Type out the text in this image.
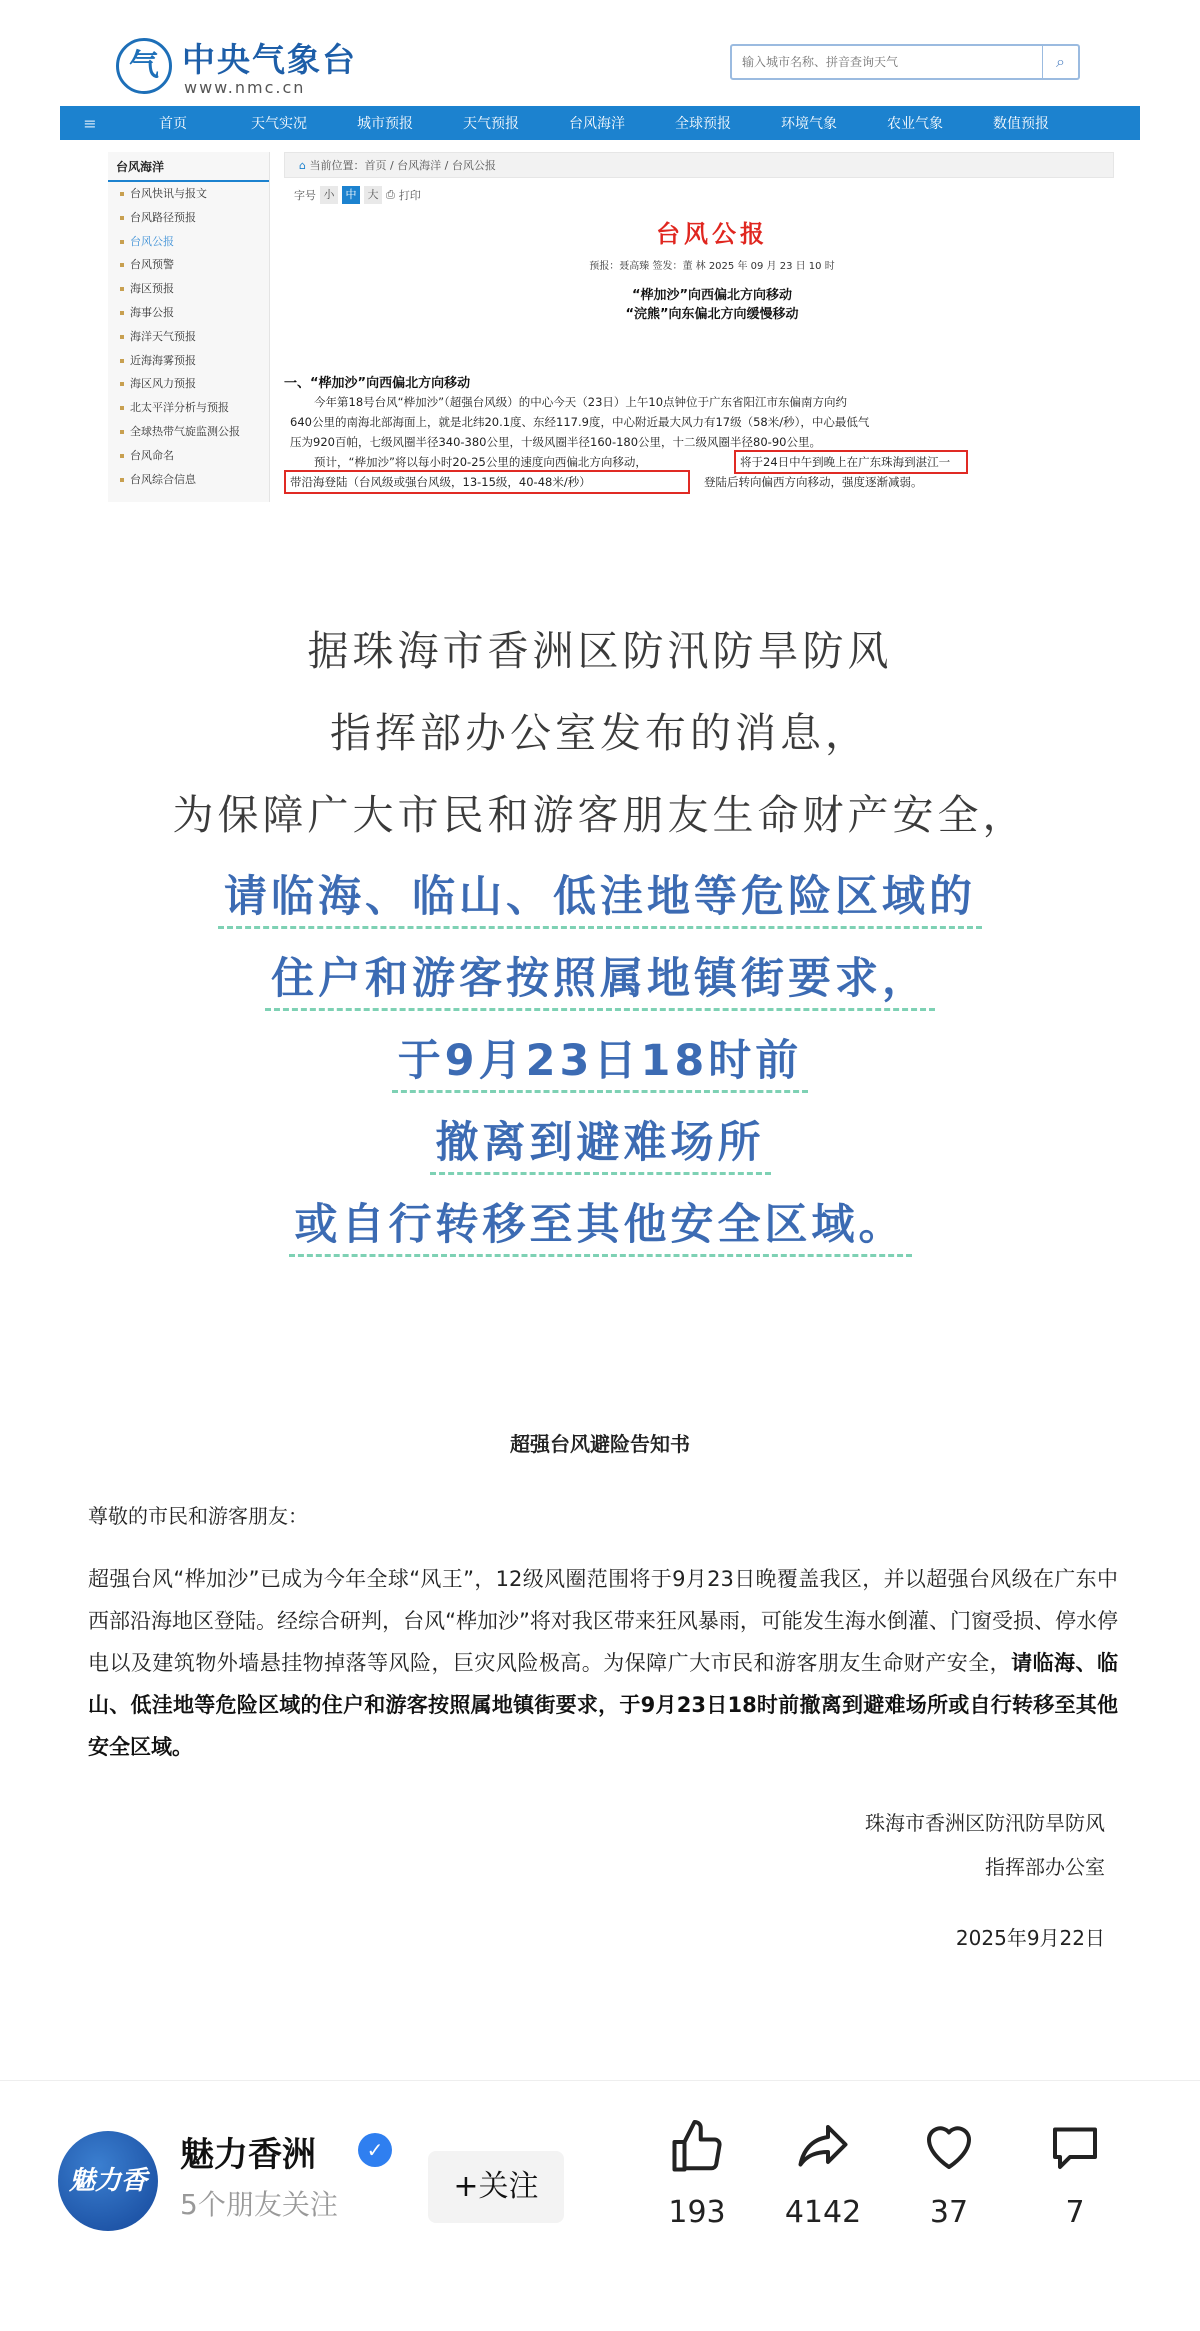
气 中央气象台
www.nmc.cn
输入城市名称、拼音查询天气
⌕
≡	首页	天气实况	城市预报	天气预报	台风海洋	全球预报	环境气象	农业气象	数值预报
台风海洋
台风快讯与报文
台风路径预报
台风公报
台风预警
海区预报
海事公报
海洋天气预报
近海海雾预报
海区风力预报
北太平洋分析与预报
全球热带气旋监测公报
台风命名
台风综合信息
⌂ 当前位置：首页 / 台风海洋 / 台风公报
字号 小	中	大 ⎙ 打印
台风公报
预报：聂高臻 签发：董 林 2025 年 09 月 23 日 10 时
“桦加沙”向西偏北方向移动
“浣熊”向东偏北方向缓慢移动
一、“桦加沙”向西偏北方向移动
今年第18号台风“桦加沙”（超强台风级）的中心今天（23日）上午10点钟位于广东省阳江市东偏南方向约
640公里的南海北部海面上，就是北纬20.1度、东经117.9度，中心附近最大风力有17级（58米/秒），中心最低气
压为920百帕，七级风圈半径340-380公里，十级风圈半径160-180公里，十二级风圈半径80-90公里。
预计，“桦加沙”将以每小时20-25公里的速度向西偏北方向移动，	将于24日中午到晚上在广东珠海到湛江一
带沿海登陆（台风级或强台风级，13-15级，40-48米/秒）	登陆后转向偏西方向移动，强度逐渐减弱。
据珠海市香洲区防汛防旱防风
指挥部办公室发布的消息，
为保障广大市民和游客朋友生命财产安全，
请临海、临山、低洼地等危险区域的
住户和游客按照属地镇街要求，
于9月23日18时前
撤离到避难场所
或自行转移至其他安全区域。
超强台风避险告知书
尊敬的市民和游客朋友：
超强台风“桦加沙”已成为今年全球“风王”，12级风圈范围将于9月23日晚覆盖我区，并以超强台风级在广东中西部沿海地区登陆。经综合研判，台风“桦加沙”将对我区带来狂风暴雨，可能发生海水倒灌、门窗受损、停水停电以及建筑物外墙悬挂物掉落等风险，巨灾风险极高。为保障广大市民和游客朋友生命财产安全，请临海、临山、低洼地等危险区域的住户和游客按照属地镇街要求，于9月23日18时前撤离到避难场所或自行转移至其他安全区域。
珠海市香洲区防汛防旱防风
指挥部办公室
2025年9月22日
魅力香洲
魅力香洲	✓
5个朋友关注
+关注
193	4142	37	7
